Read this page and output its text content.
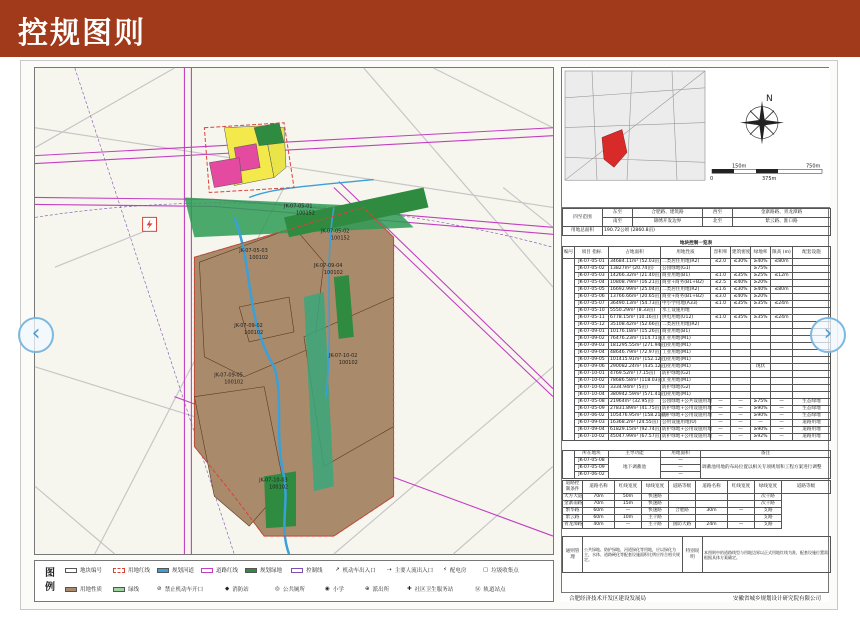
控规图则
JK-07-05-01
100152
JK-07-05-02
100152
JK-07-05-03
100102
JK-07-09-04
100102
JK-07-09-02
100102
JK-07-10-02
100102
JK-07-09-05
100102
JK-07-10-03
100102
图例
地块编号	用地红线	规划河道	道路红线	规划绿地	控制线 ↗ 机动车出入口 ⇢ 主要人流出入口 ⚡ 配电房	▢ 垃圾收集点
用地性质	绿线	⊘ 禁止机动车开口	◆ 消防站	◎ 公共厕所	◉ 小学	⊕ 派出所	✚ 社区卫生服务站	Ⓜ 轨道站点
N
0
150m
375m
750m
四至范围	东至	合肥路、建筑路	西至	金寨路路、青龙潭路
	南至	锦绣开发边界	北至	紫云路、淮口路
用地总面积	190.72公顷 (2860.8亩)			
地块控制一览表
编号	项目 指标	占地面积	用地性质	容积率	建筑密度	绿地率	限高 (m)	配套设施
	JK-07-05-01	34684.11m² (52.03亩)	二类居住用地(R2)	≤2.0	≤30%	≥40%	≤80m	
	JK-07-05-02	13827m² (20.74亩)	公园绿地(G1)			≥75%		
	JK-07-05-03	14266.32m² (21.40亩)	商业用地(B1)	≤1.0	≤35%	≥25%	≤12m	
	JK-07-05-04	10808.79m² (16.21亩)	商业+商务(B1+B2)	≤2.5	≤40%	≥20%		
	JK-07-05-05	16692.99m² (25.04亩)	二类居住用地(R2)	≤1.6	≤30%	≥40%	≤80m	
	JK-07-05-06	13766.66m² (20.65亩)	商业+商务(B1+B2)	≤3.0	≤40%	≥20%		
	JK-07-05-07	36490.13m² (54.73亩)	中小学用地(A33)	≤1.0	≤35%	≥35%	≤24m	
	JK-07-05-10	5550.29m² (8.33亩)	水工设施用地					
	JK-07-05-11	6778.15m² (10.16亩)	供电用地(U12)	≤1.0	≤35%	≥35%	≤24m	
	JK-07-05-12	35108.42m² (52.66亩)	二类居住用地(R2)					
	JK-07-09-01	10176.18m² (15.26亩)	商业用地(B1)					
	JK-07-09-02	76476.23m² (114.71亩)	工业用地(M1)					
	JK-07-09-03	181295.55m² (271.94亩)	工业用地(M1)					
	JK-07-09-04	48646.79m² (72.97亩)	工业用地(M1)					
	JK-07-09-05	101415.91m² (152.12亩)	工业用地(M1)					
	JK-07-09-06	290082.24m² (435.12亩)	工业用地(M1)			现状		
	JK-07-10-01	4769.52m² (7.15亩)	防护绿地(G2)					
	JK-07-10-02	78686.58m² (118.03亩)	工业用地(M1)					
	JK-07-10-03	3334.94m² (5亩)	防护绿地(G2)					
	JK-07-10-04	380942.59m² (571.41亩)	工业用地(M1)					
	JK-07-05-08	21964m² (32.95亩)	公园绿地+公共设施用地	—	—	≥75%	—	生态绿地
	JK-07-05-09	27831.89m² (41.75亩)	防护绿地+公用设施用地	—	—	≥90%	—	生态绿地
	JK-07-06-02	105476.95m² (158.21亩)	防护绿地+公用设施用地	—	—	≥90%	—	生态绿地
	JK-07-09-03	16368.2m² (24.55亩)	公用设施用地(U)	—	—	—	—	道路用地
	JK-07-09-04	61829.15m² (92.74亩)	防护绿地+公用设施用地	—	—	≥90%	—	道路用地
	JK-07-10-02	45047.99m² (67.57亩)	防护绿地+公用设施用地	—	—	≥92%	—	道路用地
	所在地块	主导功能	用地面积	备注
	JK-07-05-08	地下调蓄池	—	调蓄池用地的布局位置以相关专项规划和工程方案进行调整
	JK-07-05-09		—	
	JK-07-06-02		—	
道路控制条件	道路名称	红线宽度	绿线宽度	道路等级	道路名称	红线宽度	绿线宽度	道路等级
大方大道	70m	50m	快速路				次干路	
金寨南路	70m	15m	快速路				次干路	
繁华路	60m	—	快速路	合肥路	30m	—	支路	
紫云路	60m	10m	主干路				支路	
青龙潭路	40m	—	主干路	国防大路	24m	—	支路	
通则管理	公共绿地、防护绿地、河道绿化等用地，应以绿化为主，水体、道路硬化等配套设施面积比例应符合相关规定。	特别说明	本图则中的道路线型与用地边界以正式用地红线为准，配套设施位置需根据具体方案确定。
合肥经济技术开发区建设发展局	安徽省城乡规划设计研究院有限公司
‹	›
